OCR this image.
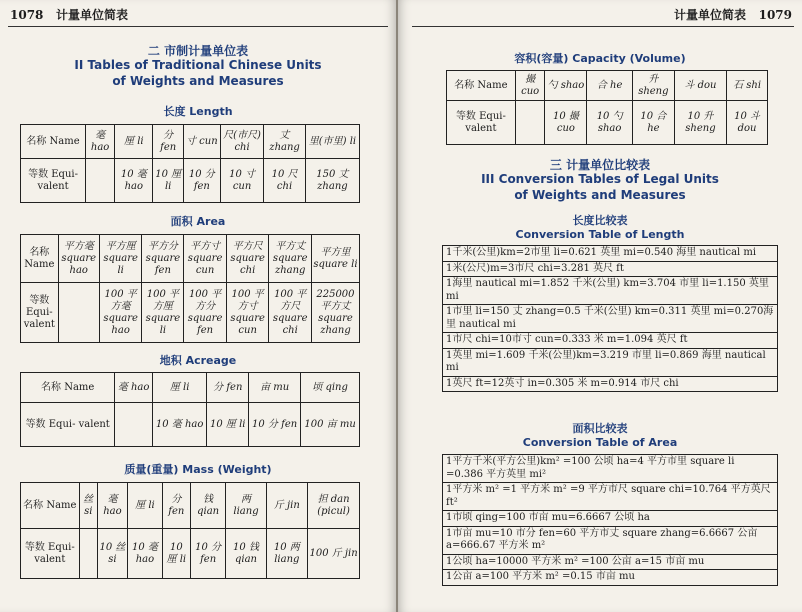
1078 计量单位简表
二 市制计量单位表
II Tables of Traditional Chinese Units
of Weights and Measures
长度 Length
名称 Name	毫 hao	厘 li	分 fen	寸 cun	尺(市尺) chi	丈 zhang	里(市里) li
等数 Equi- valent		10 毫 hao	10 厘 li	10 分 fen	10 寸 cun	10 尺 chi	150 丈 zhang
面积 Area
名称 Name	平方毫 square hao	平方厘 square li	平方分 square fen	平方寸 square cun	平方尺 square chi	平方丈 square zhang	平方里 square li
等数 Equi- valent		100 平方毫 square hao	100 平方厘 square li	100 平方分 square fen	100 平方寸 square cun	100 平方尺 square chi	225000 平方丈 square zhang
地积 Acreage
名称 Name	毫 hao	厘 li	分 fen	亩 mu	顷 qing
等数 Equi- valent		10 毫 hao	10 厘 li	10 分 fen	100 亩 mu
质量(重量) Mass (Weight)
名称 Name	丝 si	毫 hao	厘 li	分 fen	钱 qian	两 liang	斤 jin	担 dan (picul)
等数 Equi- valent		10 丝 si	10 毫 hao	10 厘 li	10 分 fen	10 钱 qian	10 两 liang	100 斤 jin
计量单位简表 1079
容积(容量) Capacity (Volume)
名称 Name	撮 cuo	勺 shao	合 he	升 sheng	斗 dou	石 shi
等数 Equi- valent		10 撮 cuo	10 勺 shao	10 合 he	10 升 sheng	10 斗 dou
三 计量单位比较表
III Conversion Tables of Legal Units
of Weights and Measures
长度比较表
Conversion Table of Length
1千米(公里)km=2市里 li=0.621 英里 mi=0.540 海里 nautical mi
1米(公尺)m=3市尺 chi=3.281 英尺 ft
1海里 nautical mi=1.852 千米(公里) km=3.704 市里 li=1.150 英里 mi
1市里 li=150 丈 zhang=0.5 千米(公里) km=0.311 英里 mi=0.270海里 nautical mi
1市尺 chi=10市寸 cun=0.333 米 m=1.094 英尺 ft
1英里 mi=1.609 千米(公里)km=3.219 市里 li=0.869 海里 nautical mi
1英尺 ft=12英寸 in=0.305 米 m=0.914 市尺 chi
面积比较表
Conversion Table of Area
1平方千米(平方公里)km² =100 公顷 ha=4 平方市里 square li =0.386 平方英里 mi²
1平方米 m² =1 平方米 m² =9 平方市尺 square chi=10.764 平方英尺 ft²
1市顷 qing=100 市亩 mu=6.6667 公顷 ha
1市亩 mu=10 市分 fen=60 平方市丈 square zhang=6.6667 公亩 a=666.67 平方米 m²
1公顷 ha=10000 平方米 m² =100 公亩 a=15 市亩 mu
1公亩 a=100 平方米 m² =0.15 市亩 mu
